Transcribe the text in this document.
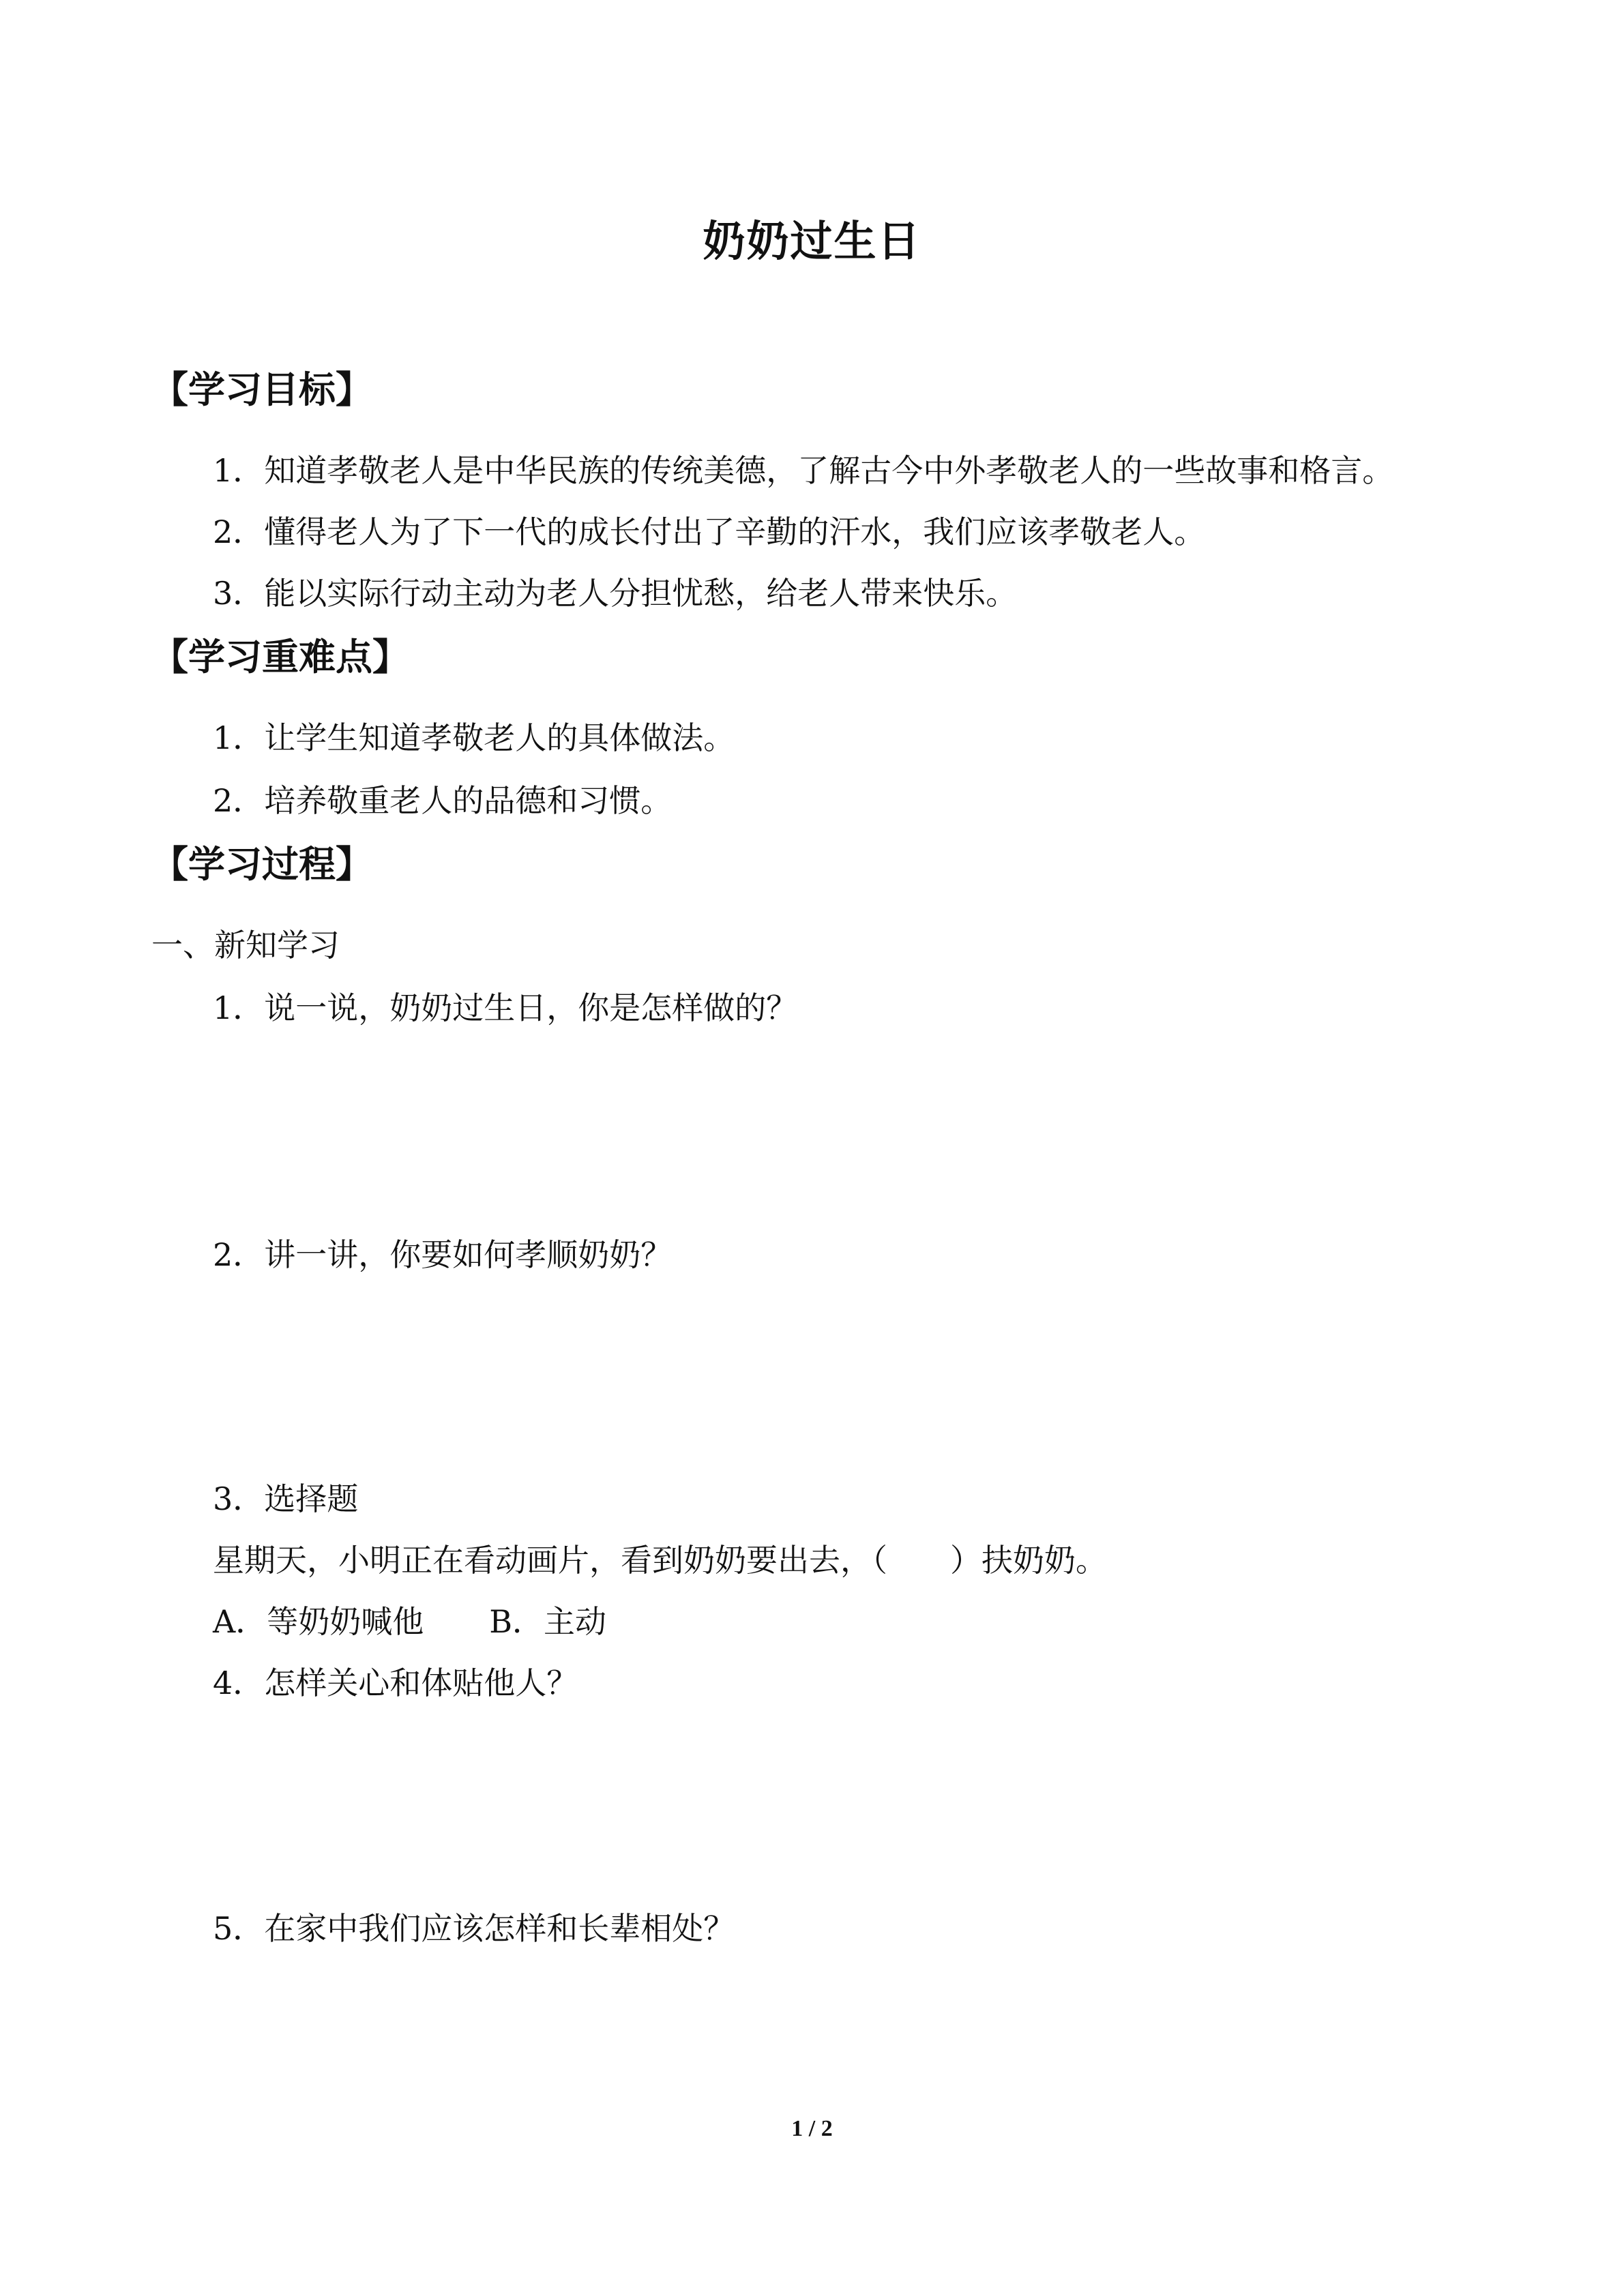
奶奶过生日
【学习目标】
1．知道孝敬老人是中华民族的传统美德，了解古今中外孝敬老人的一些故事和格言。
2．懂得老人为了下一代的成长付出了辛勤的汗水，我们应该孝敬老人。
3．能以实际行动主动为老人分担忧愁，给老人带来快乐。
【学习重难点】
1．让学生知道孝敬老人的具体做法。
2．培养敬重老人的品德和习惯。
【学习过程】
一、新知学习
1．说一说，奶奶过生日，你是怎样做的？
2．讲一讲，你要如何孝顺奶奶？
3．选择题
星期天，小明正在看动画片，看到奶奶要出去，（　　）扶奶奶。
A．等奶奶喊他 B．主动
4．怎样关心和体贴他人？
5．在家中我们应该怎样和长辈相处？
1 / 2
